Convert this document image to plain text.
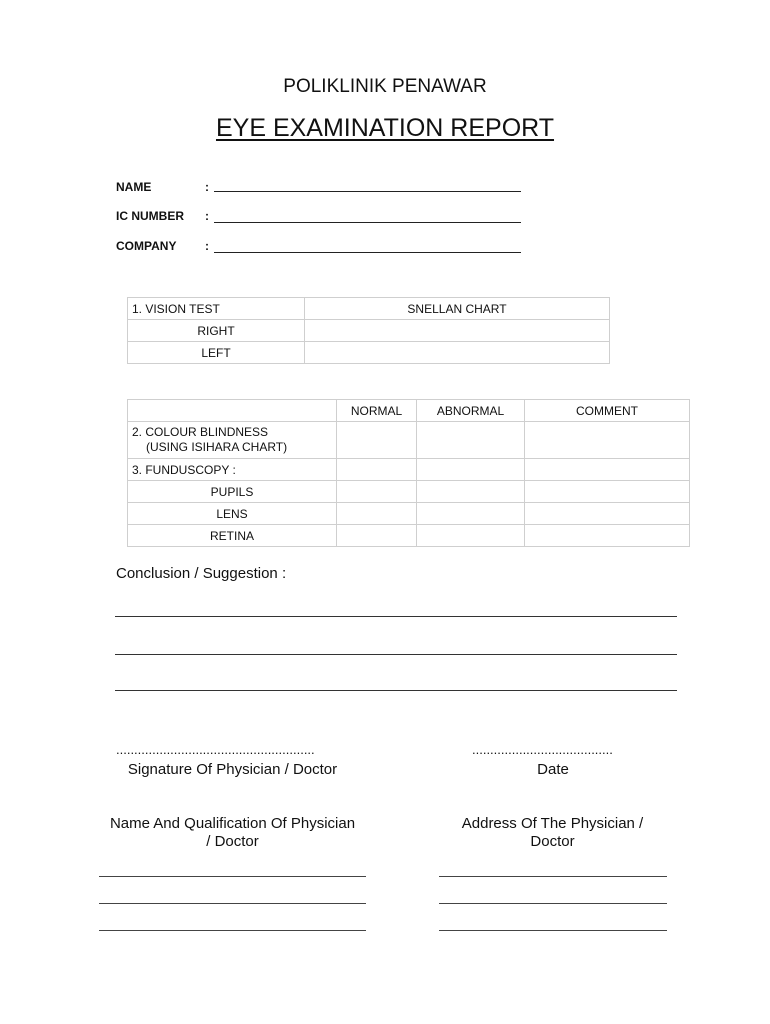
POLIKLINIK PENAWAR
EYE EXAMINATION REPORT
NAME	:
IC NUMBER :
COMPANY :
1. VISION TEST	SNELLAN CHART
RIGHT	
LEFT	
	NORMAL	ABNORMAL	COMMENT
2. COLOUR BLINDNESS
(USING ISIHARA CHART)			
3. FUNDUSCOPY :			
PUPILS			
LENS			
RETINA			
Conclusion / Suggestion :
.......................................................	.......................................
Signature Of Physician / Doctor	Date
Name And Qualification Of Physician
/ Doctor
Address Of The Physician /
Doctor
